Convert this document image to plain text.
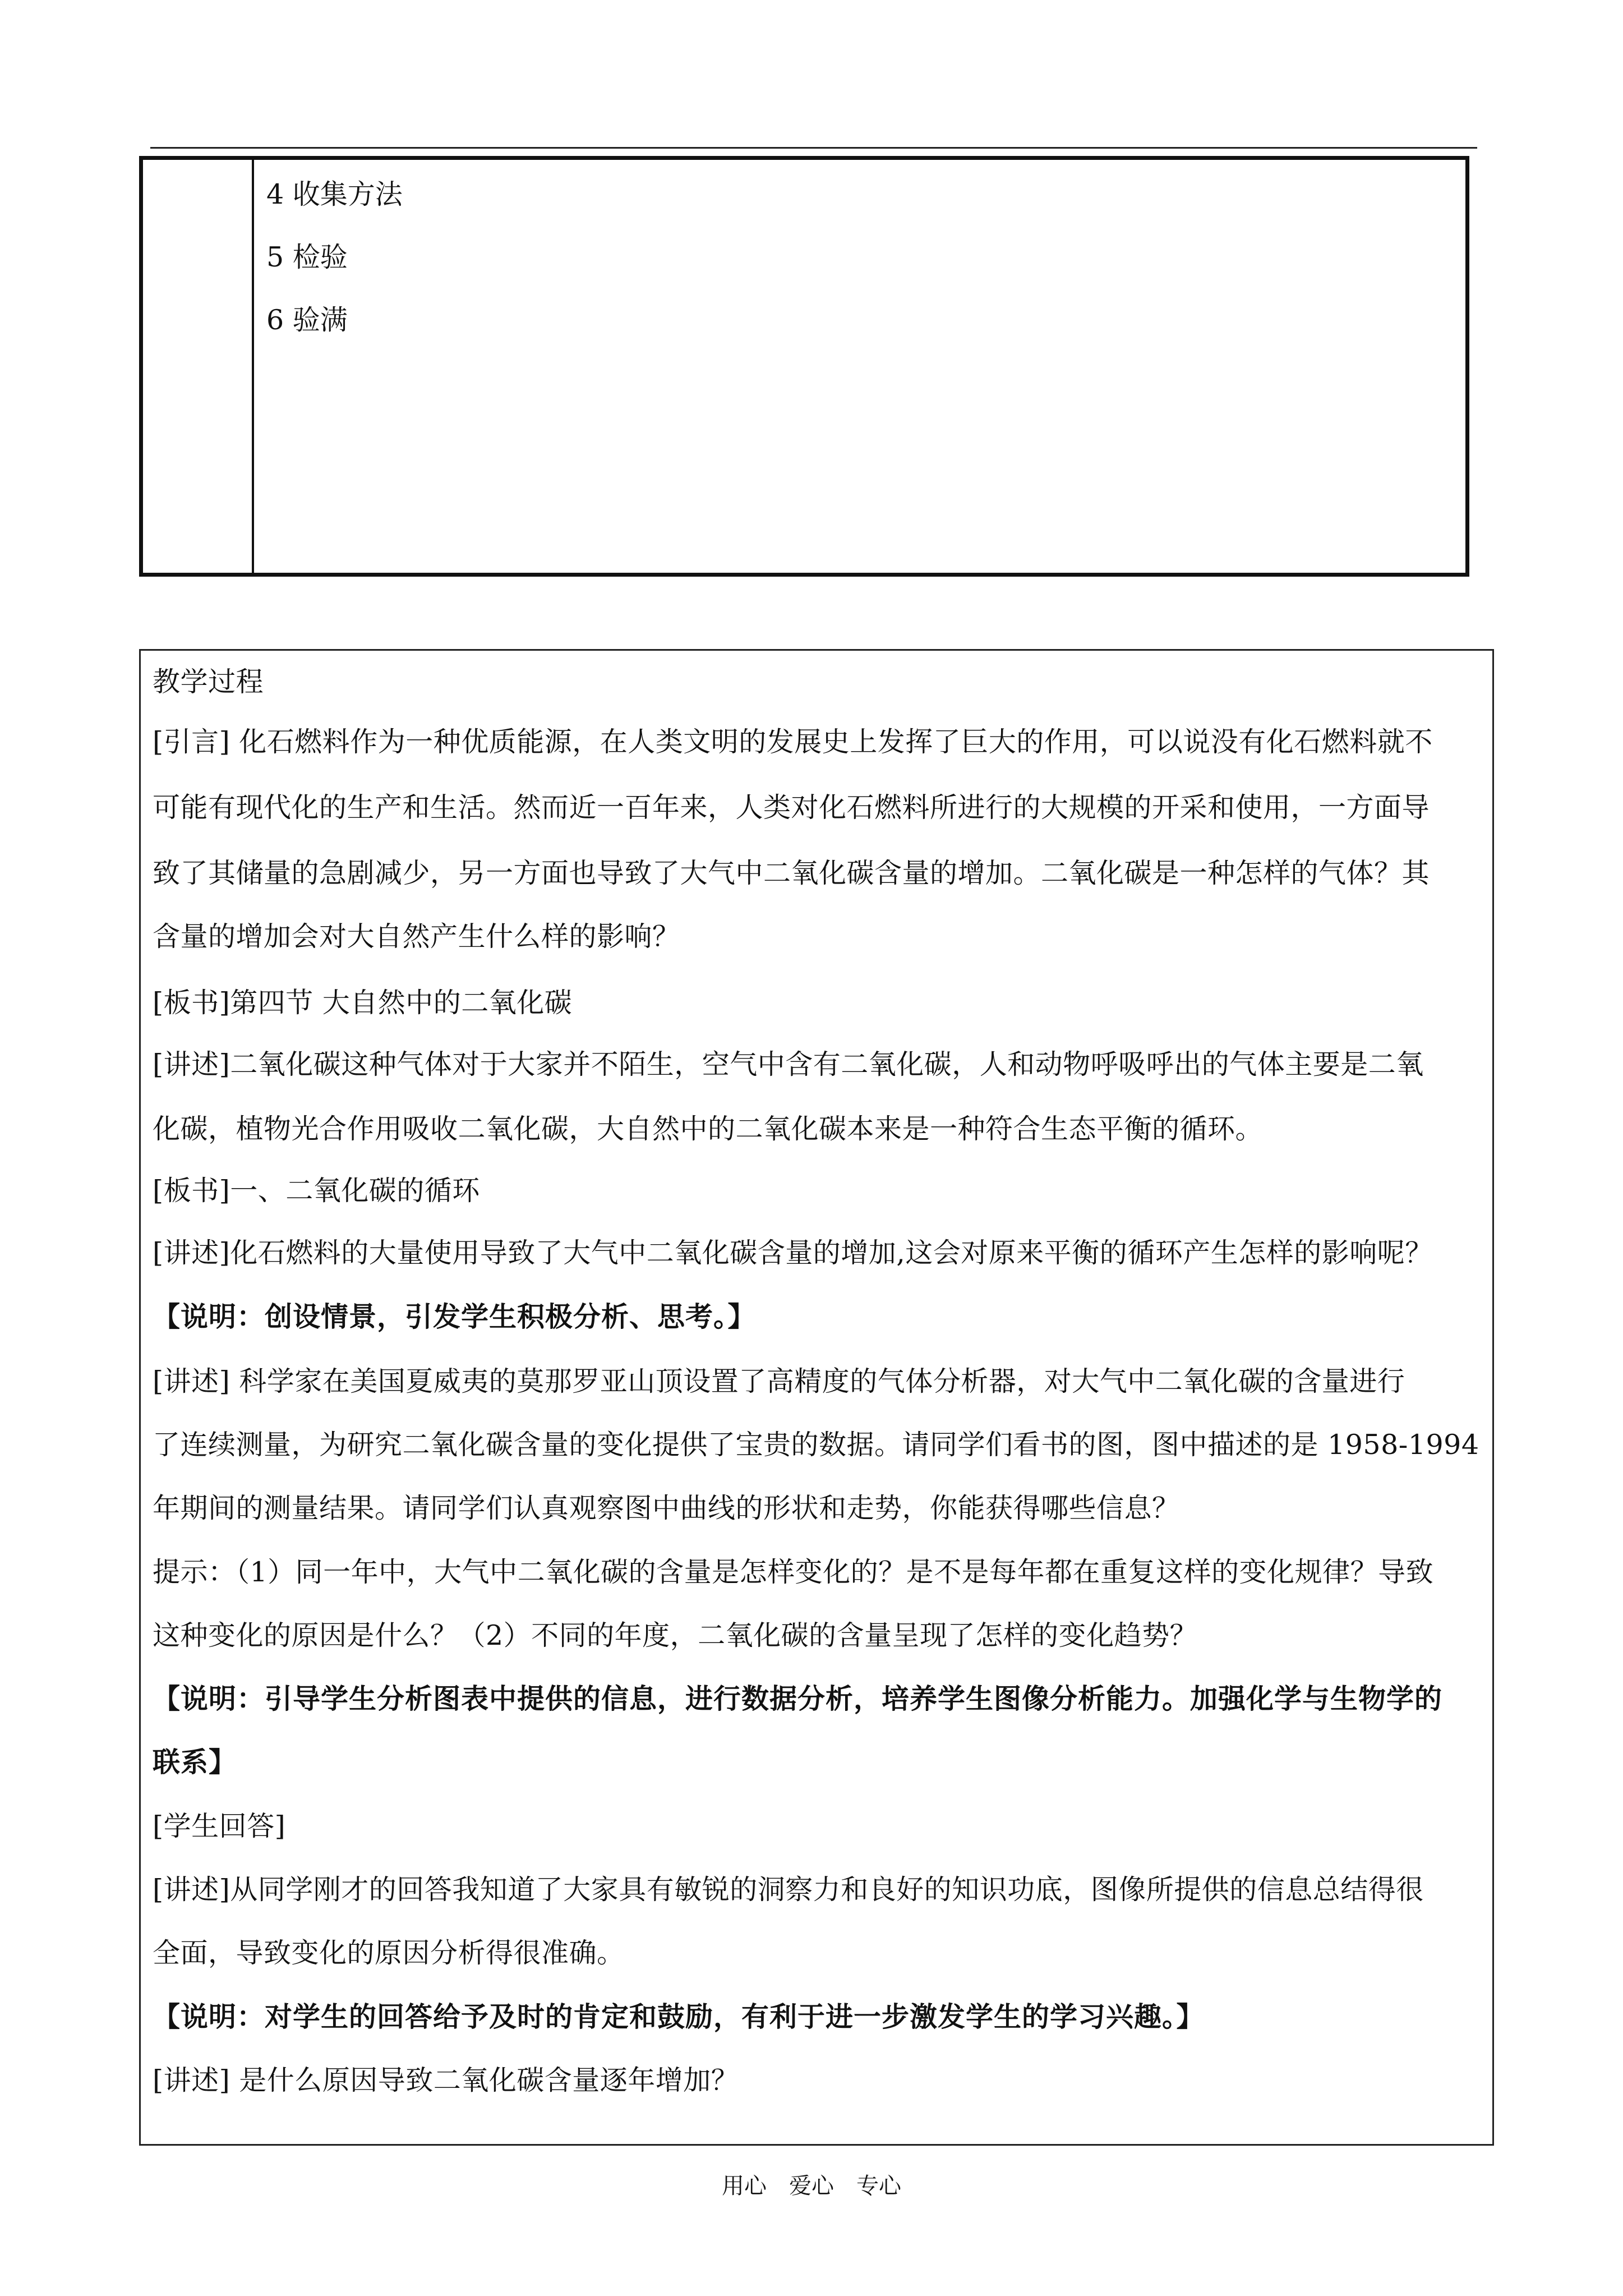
4 收集方法
5 检验
6 验满
教学过程
[引言] 化石燃料作为一种优质能源，在人类文明的发展史上发挥了巨大的作用，可以说没有化石燃料就不
可能有现代化的生产和生活。然而近一百年来，人类对化石燃料所进行的大规模的开采和使用，一方面导
致了其储量的急剧减少，另一方面也导致了大气中二氧化碳含量的增加。二氧化碳是一种怎样的气体？其
含量的增加会对大自然产生什么样的影响？
[板书]第四节 大自然中的二氧化碳
[讲述]二氧化碳这种气体对于大家并不陌生，空气中含有二氧化碳，人和动物呼吸呼出的气体主要是二氧
化碳，植物光合作用吸收二氧化碳，大自然中的二氧化碳本来是一种符合生态平衡的循环。
[板书]一、二氧化碳的循环
[讲述]化石燃料的大量使用导致了大气中二氧化碳含量的增加,这会对原来平衡的循环产生怎样的影响呢？
【说明：创设情景，引发学生积极分析、思考。】
[讲述] 科学家在美国夏威夷的莫那罗亚山顶设置了高精度的气体分析器，对大气中二氧化碳的含量进行
了连续测量，为研究二氧化碳含量的变化提供了宝贵的数据。请同学们看书的图，图中描述的是 1958-1994
年期间的测量结果。请同学们认真观察图中曲线的形状和走势，你能获得哪些信息？
提示：（1）同一年中，大气中二氧化碳的含量是怎样变化的？是不是每年都在重复这样的变化规律？导致
这种变化的原因是什么？（2）不同的年度，二氧化碳的含量呈现了怎样的变化趋势？
【说明：引导学生分析图表中提供的信息，进行数据分析，培养学生图像分析能力。加强化学与生物学的
联系】
[学生回答]
[讲述]从同学刚才的回答我知道了大家具有敏锐的洞察力和良好的知识功底，图像所提供的信息总结得很
全面，导致变化的原因分析得很准确。
【说明：对学生的回答给予及时的肯定和鼓励，有利于进一步激发学生的学习兴趣。】
[讲述] 是什么原因导致二氧化碳含量逐年增加？
用心　爱心　专心
